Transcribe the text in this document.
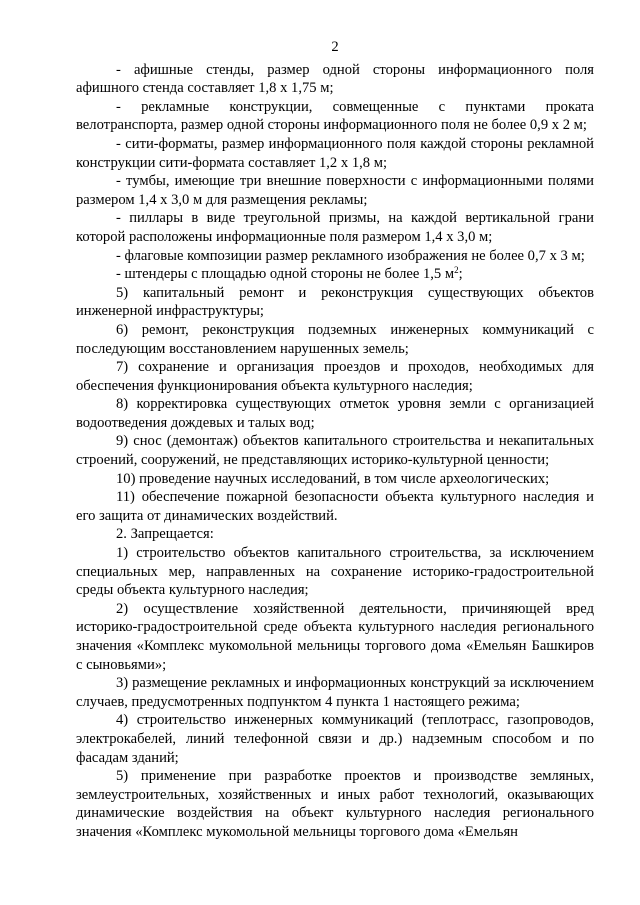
2

- афишные стенды, размер одной стороны информационного поля афишного стенда составляет 1,8 х 1,75 м;

- рекламные конструкции, совмещенные с пунктами проката велотранспорта, размер одной стороны информационного поля не более 0,9 х 2 м;

- сити-форматы, размер информационного поля каждой стороны рекламной конструкции сити-формата составляет 1,2 х 1,8 м;

- тумбы, имеющие три внешние поверхности с информационными полями размером 1,4 х 3,0 м для размещения рекламы;

- пиллары в виде треугольной призмы, на каждой вертикальной грани которой расположены информационные поля размером 1,4 х 3,0 м;

- флаговые композиции размер рекламного изображения не более 0,7 х 3 м;

- штендеры с площадью одной стороны не более 1,5 $м^2$;

5) капитальный ремонт и реконструкция существующих объектов инженерной инфраструктуры;

6) ремонт, реконструкция подземных инженерных коммуникаций с последующим восстановлением нарушенных земель;

7) сохранение и организация проездов и проходов, необходимых для обеспечения функционирования объекта культурного наследия;

8) корректировка существующих отметок уровня земли с организацией водоотведения дождевых и талых вод;

9) снос (демонтаж) объектов капитального строительства и некапитальных строений, сооружений, не представляющих историко-культурной ценности;

10) проведение научных исследований, в том числе археологических;

11) обеспечение пожарной безопасности объекта культурного наследия и его защита от динамических воздействий.

2. Запрещается:

1) строительство объектов капитального строительства, за исключением специальных мер, направленных на сохранение историко-градостроительной среды объекта культурного наследия;

2) осуществление хозяйственной деятельности, причиняющей вред историко-градостроительной среде объекта культурного наследия регионального значения «Комплекс мукомольной мельницы торгового дома «Емельян Башкиров с сыновьями»;

3) размещение рекламных и информационных конструкций за исключением случаев, предусмотренных подпунктом 4 пункта 1 настоящего режима;

4) строительство инженерных коммуникаций (теплотрасс, газопроводов, электрокабелей, линий телефонной связи и др.) надземным способом и по фасадам зданий;

5) применение при разработке проектов и производстве земляных, землеустроительных, хозяйственных и иных работ технологий, оказывающих динамические воздействия на объект культурного наследия регионального значения «Комплекс мукомольной мельницы торгового дома «Емельян
